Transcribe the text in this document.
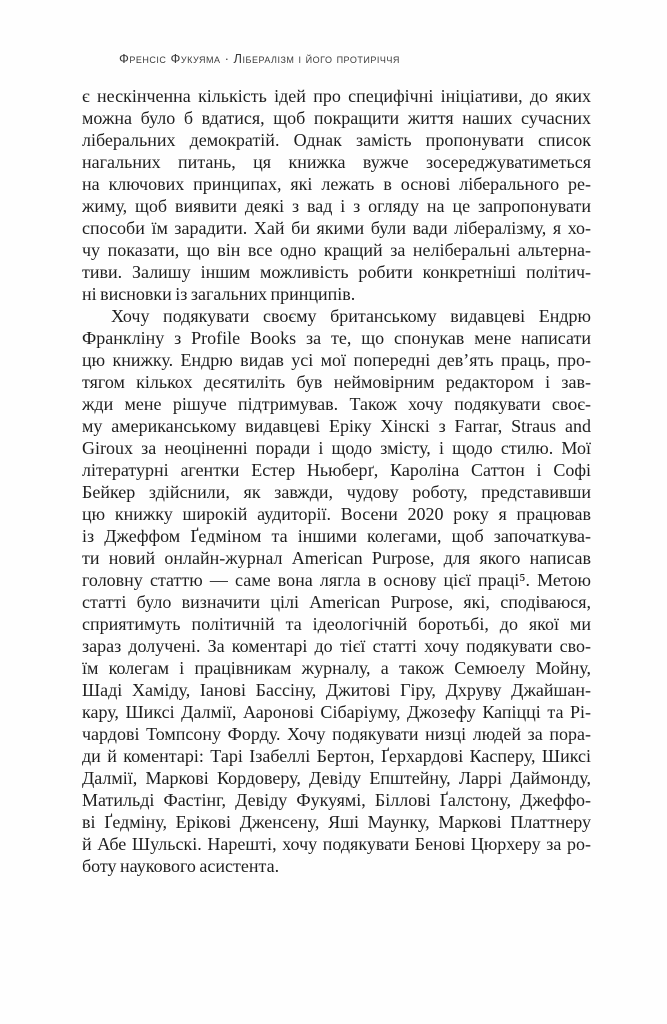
Френсіс Фукуяма · Лібералізм і його протиріччя
є нескінченна кількість ідей про специфічні ініціативи, до яких
можна було б вдатися, щоб покращити життя наших сучасних
ліберальних демократій. Однак замість пропонувати список
нагальних питань, ця книжка вужче зосереджуватиметься
на ключових принципах, які лежать в основі ліберального ре-
жиму, щоб виявити деякі з вад і з огляду на це запропонувати
способи їм зарадити. Хай би якими були вади лібералізму, я хо-
чу показати, що він все одно кращий за неліберальні альтерна-
тиви. Залишу іншим можливість робити конкретніші політич-
ні висновки із загальних принципів.
Хочу подякувати своєму британському видавцеві Ендрю
Франкліну з Profile Books за те, що спонукав мене написати
цю книжку. Ендрю видав усі мої попередні дев’ять праць, про-
тягом кількох десятиліть був неймовірним редактором і зав-
жди мене рішуче підтримував. Також хочу подякувати своє-
му американському видавцеві Еріку Хінскі з Farrar, Straus and
Giroux за неоціненні поради і щодо змісту, і щодо стилю. Мої
літературні агентки Естер Ньюберґ, Кароліна Саттон і Софі
Бейкер здійснили, як завжди, чудову роботу, представивши
цю книжку широкій аудиторії. Восени 2020 року я працював
із Джеффом Ґедміном та іншими колегами, щоб започаткува-
ти новий онлайн-журнал American Purpose, для якого написав
головну статтю — саме вона лягла в основу цієї праці⁵. Метою
статті було визначити цілі American Purpose, які, сподіваюся,
сприятимуть політичній та ідеологічній боротьбі, до якої ми
зараз долучені. За коментарі до тієї статті хочу подякувати сво-
їм колегам і працівникам журналу, а також Семюелу Мойну,
Шаді Хаміду, Іанові Бассіну, Джитові Гіру, Дхруву Джайшан-
кару, Шиксі Далмії, Ааронові Сібаріуму, Джозефу Капіцці та Рі-
чардові Томпсону Форду. Хочу подякувати низці людей за пора-
ди й коментарі: Тарі Ізабеллі Бертон, Ґерхардові Касперу, Шиксі
Далмії, Маркові Кордоверу, Девіду Епштейну, Ларрі Даймонду,
Матильді Фастінг, Девіду Фукуямі, Біллові Ґалстону, Джеффо-
ві Ґедміну, Ерікові Дженсену, Яші Маунку, Маркові Платтнеру
й Абе Шульскі. Нарешті, хочу подякувати Бенові Цюрхеру за ро-
боту наукового асистента.
